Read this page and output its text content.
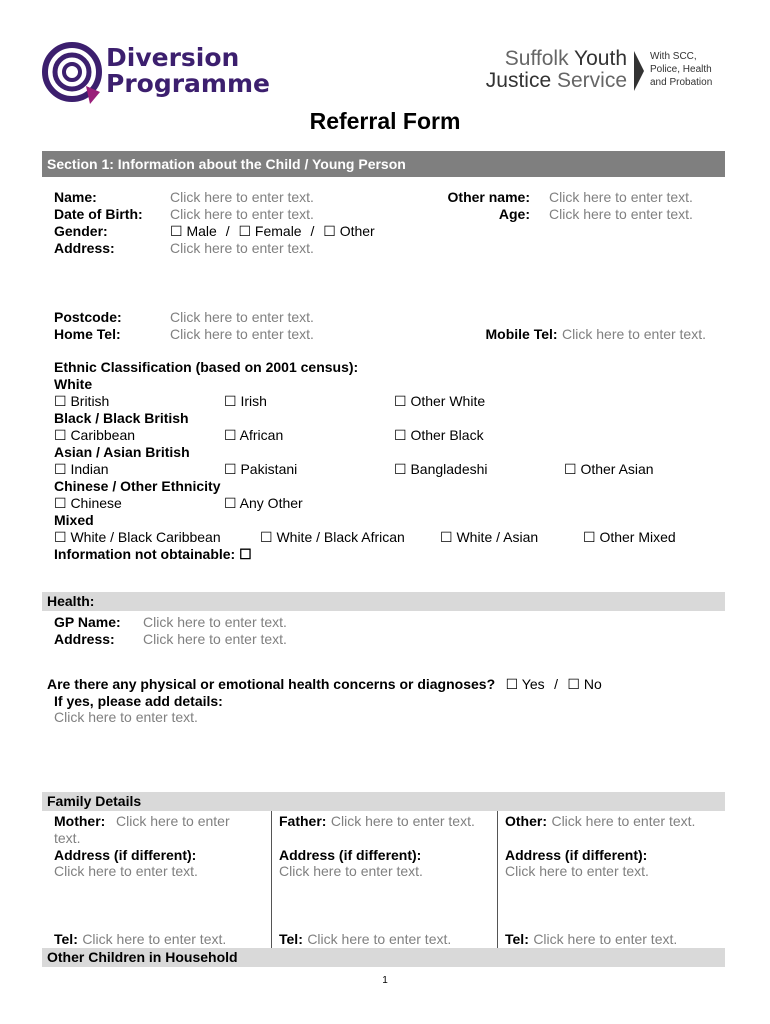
Diversion
Programme
Suffolk Youth
Justice Service
With SCC,
Police, Health
and Probation
Referral Form
Section 1: Information about the Child / Young Person
Name:	Click here to enter text.
Date of Birth: Click here to enter text.
Gender:	☐ Male / ☐ Female / ☐ Other
Address:	Click here to enter text.
Other name: Click here to enter text.
Age: Click here to enter text.
Postcode:	Click here to enter text.
Home Tel:	Click here to enter text.	Mobile Tel: Click here to enter text.
Ethnic Classification (based on 2001 census):
White
☐ British	☐ Irish	☐ Other White
Black / Black British
☐ Caribbean	☐ African	☐ Other Black
Asian / Asian British
☐ Indian	☐ Pakistani	☐ Bangladeshi	☐ Other Asian
Chinese / Other Ethnicity
☐ Chinese	☐ Any Other
Mixed
☐ White / Black Caribbean	☐ White / Black African	☐ White / Asian	☐ Other Mixed
Information not obtainable: ☐
Health:
GP Name: Click here to enter text.
Address: Click here to enter text.
Are there any physical or emotional health concerns or diagnoses? ☐ Yes / ☐ No
If yes, please add details:
Click here to enter text.
Family Details
Mother: Click here to enter
text.
Address (if different):
Click here to enter text.
Tel: Click here to enter text.
Father: Click here to enter text.
Address (if different):
Click here to enter text.
Tel: Click here to enter text.
Other: Click here to enter text.
Address (if different):
Click here to enter text.
Tel: Click here to enter text.
Other Children in Household
1
